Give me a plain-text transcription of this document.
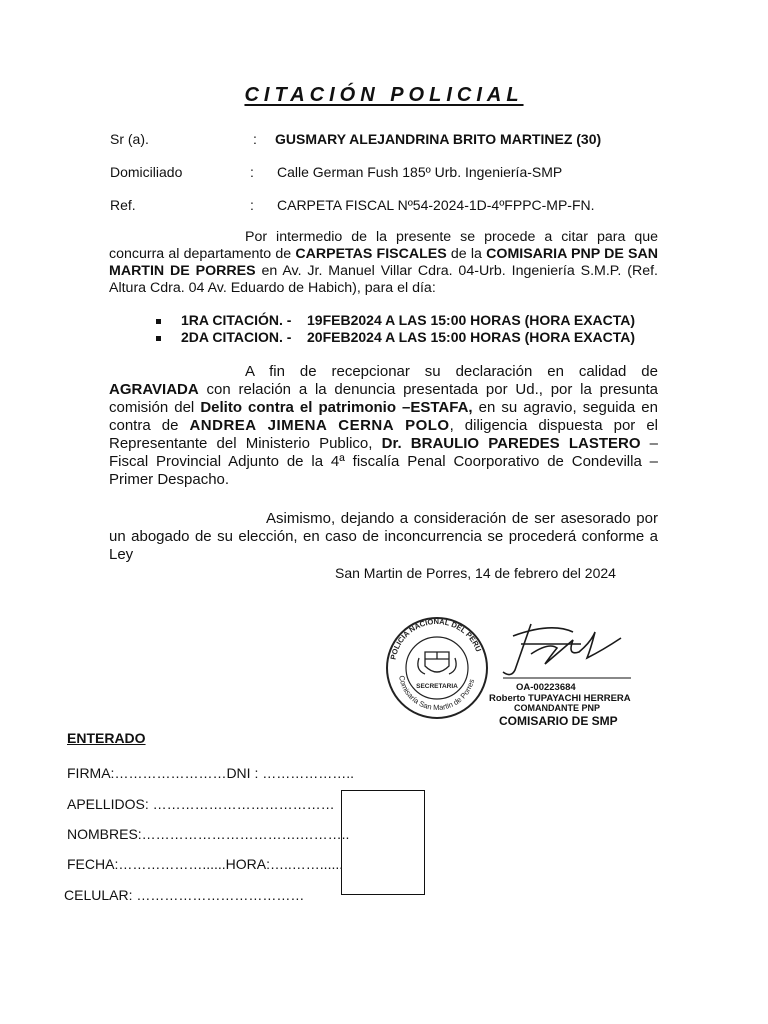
CITACIÓN POLICIAL
Sr (a).	: GUSMARY ALEJANDRINA BRITO MARTINEZ (30)
Domiciliado	: Calle German Fush 185º Urb. Ingeniería-SMP
Ref.	: CARPETA FISCAL Nº54-2024-1D-4ºFPPC-MP-FN.
Por intermedio de la presente se procede a citar para que concurra al departamento de CARPETAS FISCALES de la COMISARIA PNP DE SAN MARTIN DE PORRES en Av. Jr. Manuel Villar Cdra. 04-Urb. Ingeniería S.M.P. (Ref. Altura Cdra. 04 Av. Eduardo de Habich), para el día:
1RA CITACIÓN. - 19FEB2024 A LAS 15:00 HORAS (HORA EXACTA)
2DA CITACION. - 20FEB2024 A LAS 15:00 HORAS (HORA EXACTA)
A fin de recepcionar su declaración en calidad de AGRAVIADA con relación a la denuncia presentada por Ud., por la presunta comisión del Delito contra el patrimonio –ESTAFA, en su agravio, seguida en contra de ANDREA JIMENA CERNA POLO, diligencia dispuesta por el Representante del Ministerio Publico, Dr. BRAULIO PAREDES LASTERO – Fiscal Provincial Adjunto de la 4ª fiscalía Penal Coorporativo de Condevilla – Primer Despacho.
Asimismo, dejando a consideración de ser asesorado por un abogado de su elección, en caso de inconcurrencia se procederá conforme a Ley
San Martin de Porres, 14 de febrero del 2024
POLICIA NACIONAL DEL PERU
Comisaría San Martin de Porres
SECRETARIA	OA-00223684
Roberto TUPAYACHI HERRERA
COMANDANTE PNP
COMISARIO DE SMP
ENTERADO
FIRMA:……………………DNI : ………………..
APELLIDOS: …………………………………
NOMBRES:…………………………….………..
FECHA:………………......HORA:…..……......
CELULAR: ………………………………
